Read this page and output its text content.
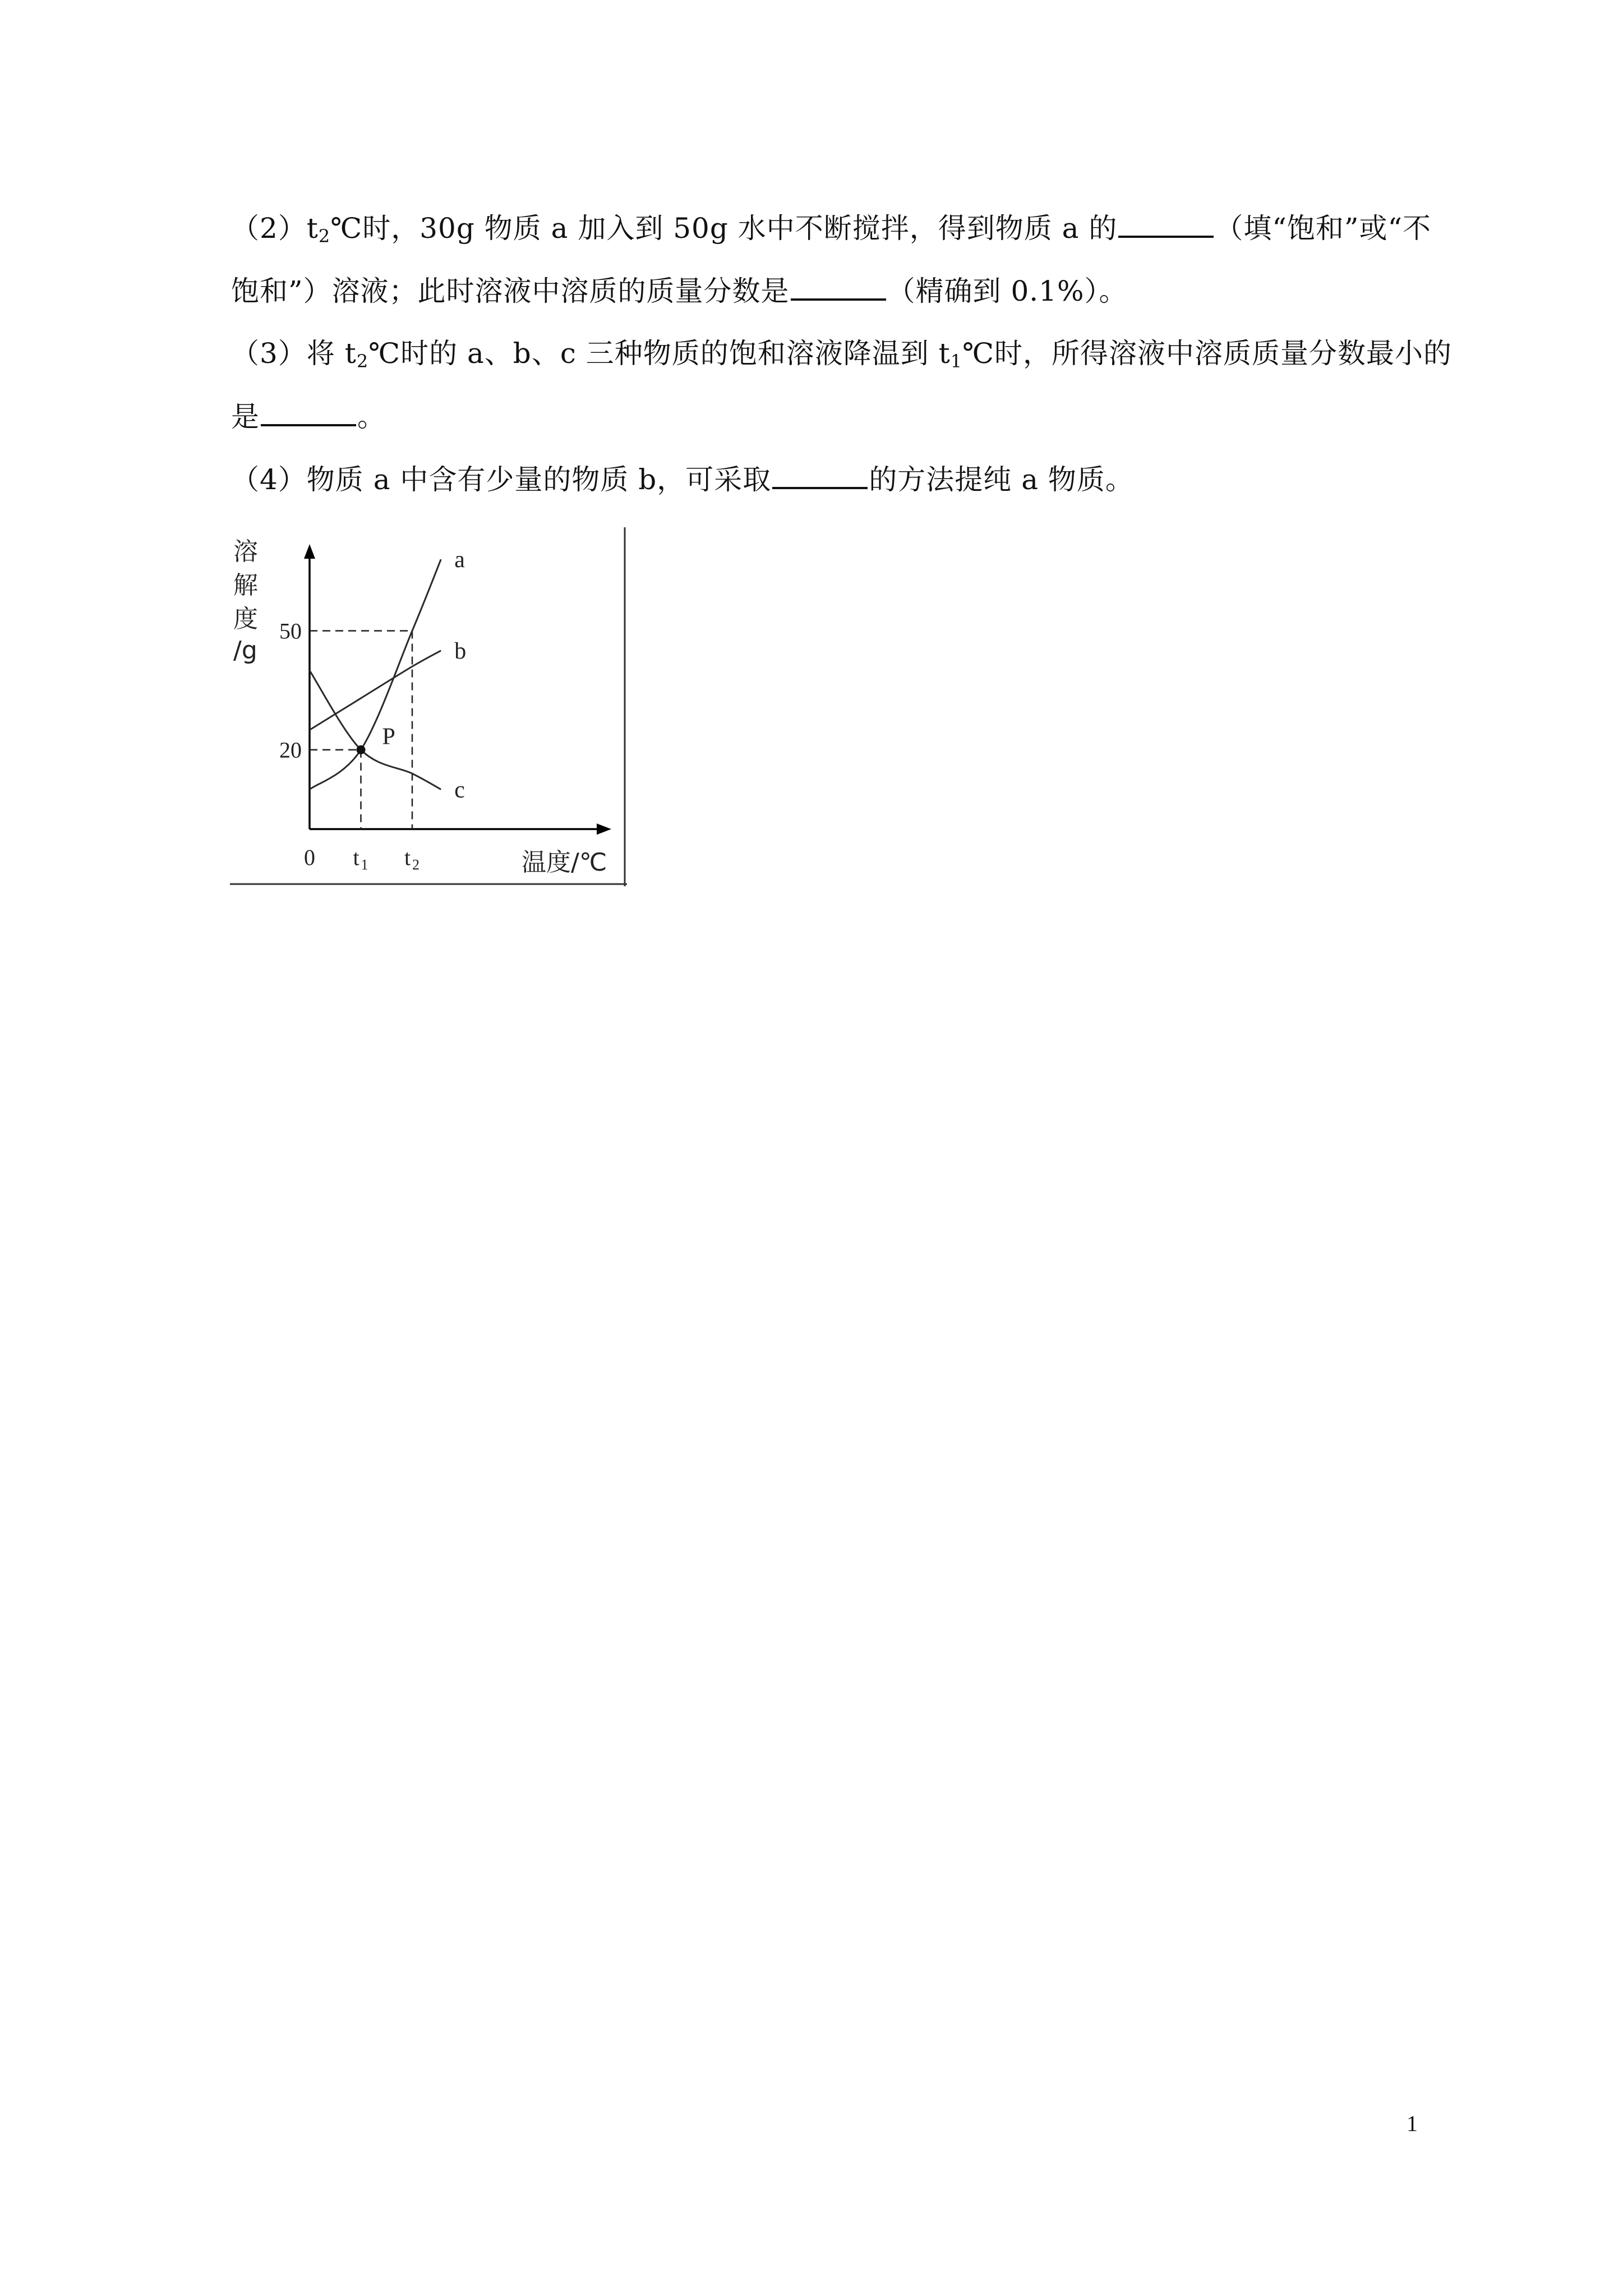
$(2)t_2℃$时，30g 物质 a 加入到 50g 水中不断搅拌，得到物质 a 的	（填“饱和”或“不
饱和”）溶液；此时溶液中溶质的质量分数是	（精确到 0.1%）。
（3）将 $t_2℃$时的 a、b、c 三种物质的饱和溶液降温到 $t_1℃$时，所得溶液中溶质质量分数最小的
是	。
（4）物质 a 中含有少量的物质 b，可采取	的方法提纯 a 物质。
a
b
c
P
20
50
0 t 1 t 2
溶
解
度
/g
温度/℃
1
